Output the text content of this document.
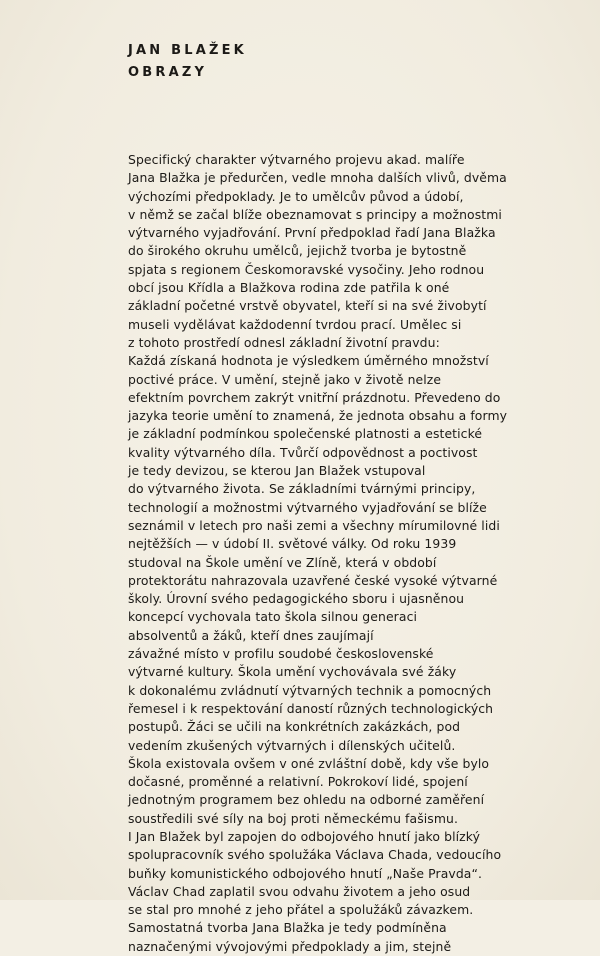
JAN BLAŽEK
OBRAZY
Specifický charakter výtvarného projevu akad. malíře
Jana Blažka je předurčen, vedle mnoha dalších vlivů, dvěma
výchozími předpoklady. Je to umělcův původ a údobí,
v němž se začal blíže obeznamovat s principy a možnostmi
výtvarného vyjadřování. První předpoklad řadí Jana Blažka
do širokého okruhu umělců, jejichž tvorba je bytostně
spjata s regionem Českomoravské vysočiny. Jeho rodnou
obcí jsou Křídla a Blažkova rodina zde patřila k oné
základní početné vrstvě obyvatel, kteří si na své živobytí
museli vydělávat každodenní tvrdou prací. Umělec si
z tohoto prostředí odnesl základní životní pravdu:
Každá získaná hodnota je výsledkem úměrného množství
poctivé práce. V umění, stejně jako v životě nelze
efektním povrchem zakrýt vnitřní prázdnotu. Převedeno do
jazyka teorie umění to znamená, že jednota obsahu a formy
je základní podmínkou společenské platnosti a estetické
kvality výtvarného díla. Tvůrčí odpovědnost a poctivost
je tedy devizou, se kterou Jan Blažek vstupoval
do výtvarného života. Se základními tvárnými principy,
technologií a možnostmi výtvarného vyjadřování se blíže
seznámil v letech pro naši zemi a všechny mírumilovné lidi
nejtěžších — v údobí II. světové války. Od roku 1939
studoval na Škole umění ve Zlíně, která v období
protektorátu nahrazovala uzavřené české vysoké výtvarné
školy. Úrovní svého pedagogického sboru i ujasněnou
koncepcí vychovala tato škola silnou generaci
absolventů a žáků, kteří dnes zaujímají
závažné místo v profilu soudobé československé
výtvarné kultury. Škola umění vychovávala své žáky
k dokonalému zvládnutí výtvarných technik a pomocných
řemesel i k respektování daností různých technologických
postupů. Žáci se učili na konkrétních zakázkách, pod
vedením zkušených výtvarných i dílenských učitelů.
Škola existovala ovšem v oné zvláštní době, kdy vše bylo
dočasné, proměnné a relativní. Pokrokoví lidé, spojení
jednotným programem bez ohledu na odborné zaměření
soustředili své síly na boj proti německému fašismu.
I Jan Blažek byl zapojen do odbojového hnutí jako blízký
spolupracovník svého spolužáka Václava Chada, vedoucího
buňky komunistického odbojového hnutí „Naše Pravda“.
Václav Chad zaplatil svou odvahu životem a jeho osud
se stal pro mnohé z jeho přátel a spolužáků závazkem.
Samostatná tvorba Jana Blažka je tedy podmíněna
naznačenými vývojovými předpoklady a jim, stejně
